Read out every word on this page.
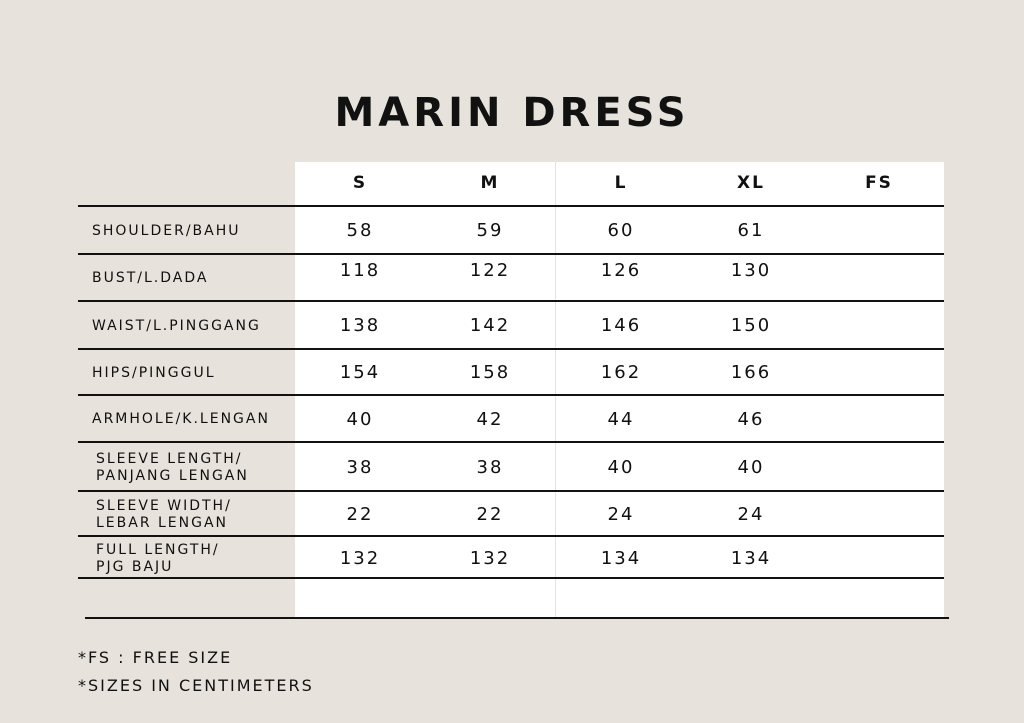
MARIN DRESS
S	M	L	XL	FS
SHOULDER/BAHU	58	59	60	61
BUST/L.DADA	118	122	126	130
WAIST/L.PINGGANG	138	142	146	150
HIPS/PINGGUL	154	158	162	166
ARMHOLE/K.LENGAN	40	42	44	46
SLEEVE LENGTH/
PANJANG LENGAN	38	38	40	40
SLEEVE WIDTH/
LEBAR LENGAN	22	22	24	24
FULL LENGTH/
PJG BAJU	132	132	134	134
*FS : FREE SIZE
*SIZES IN CENTIMETERS
